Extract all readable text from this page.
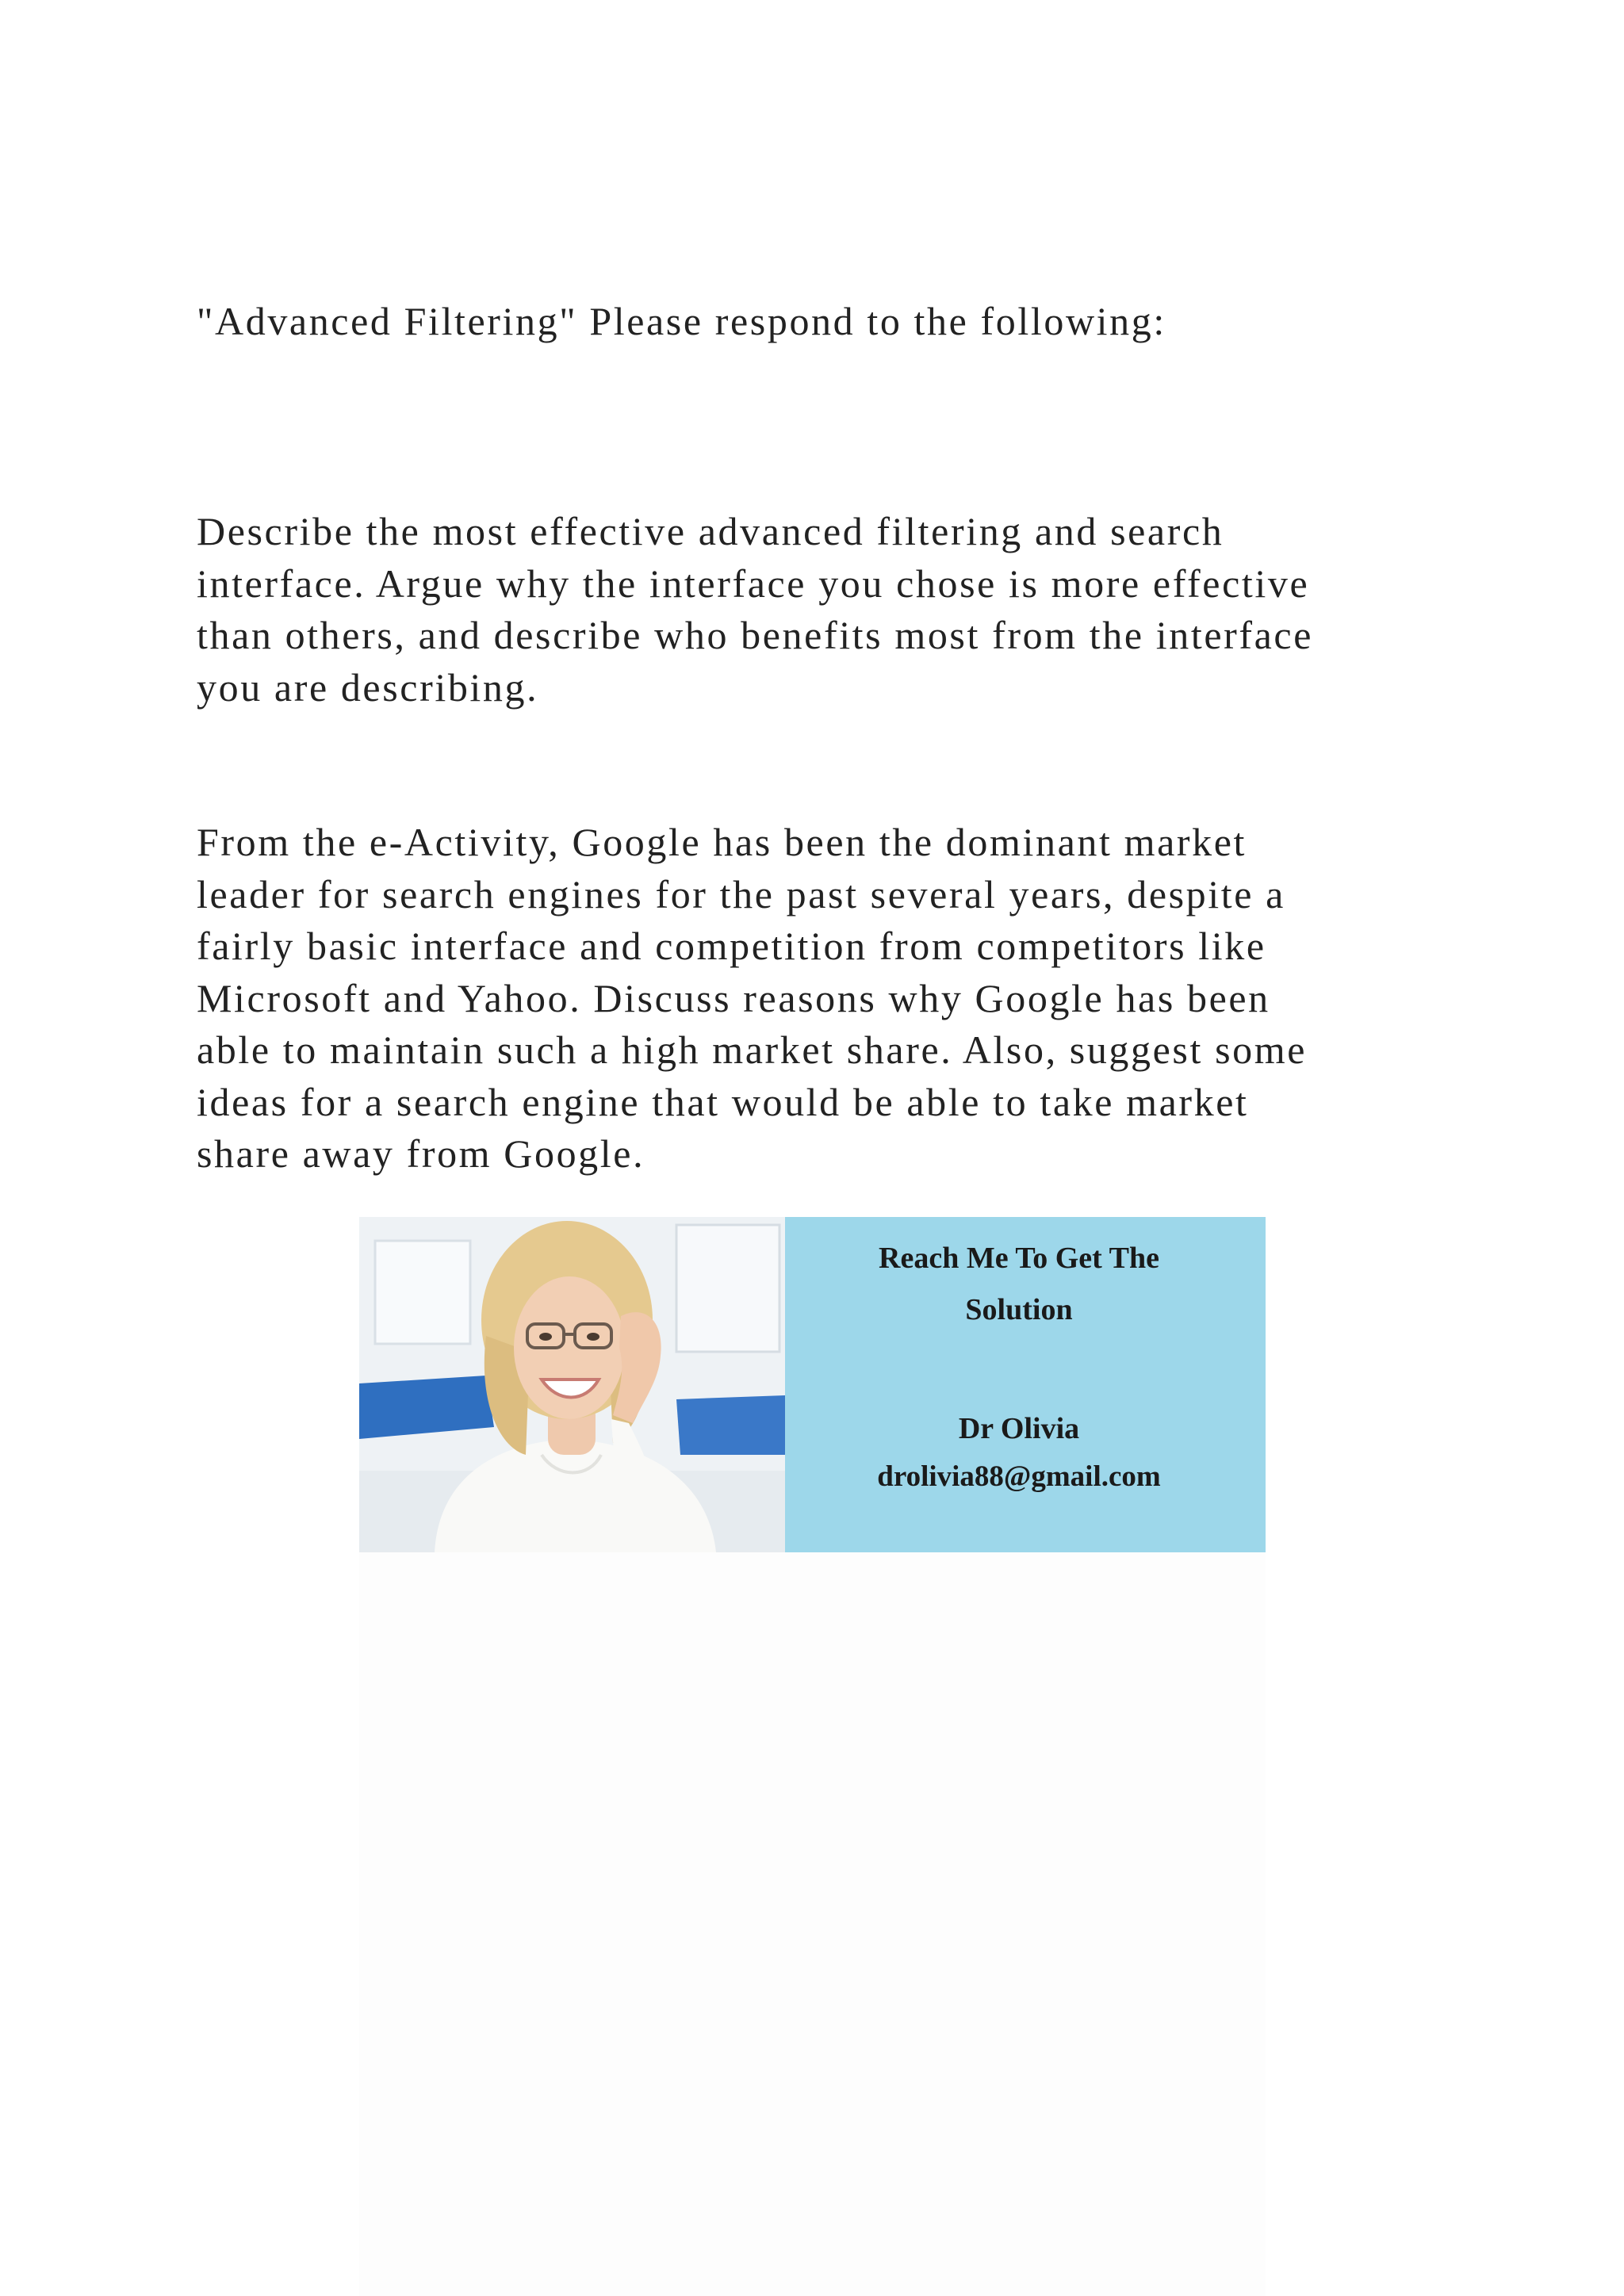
"Advanced Filtering" Please respond to the following:

Describe the most effective advanced filtering and search
interface. Argue why the interface you chose is more effective
than others, and describe who benefits most from the interface
you are describing.

From the e-Activity, Google has been the dominant market
leader for search engines for the past several years, despite a
fairly basic interface and competition from competitors like
Microsoft and Yahoo. Discuss reasons why Google has been
able to maintain such a high market share. Also, suggest some
ideas for a search engine that would be able to take market
share away from Google.

Reach Me To Get The
Solution
Dr Olivia
drolivia88@gmail.com
